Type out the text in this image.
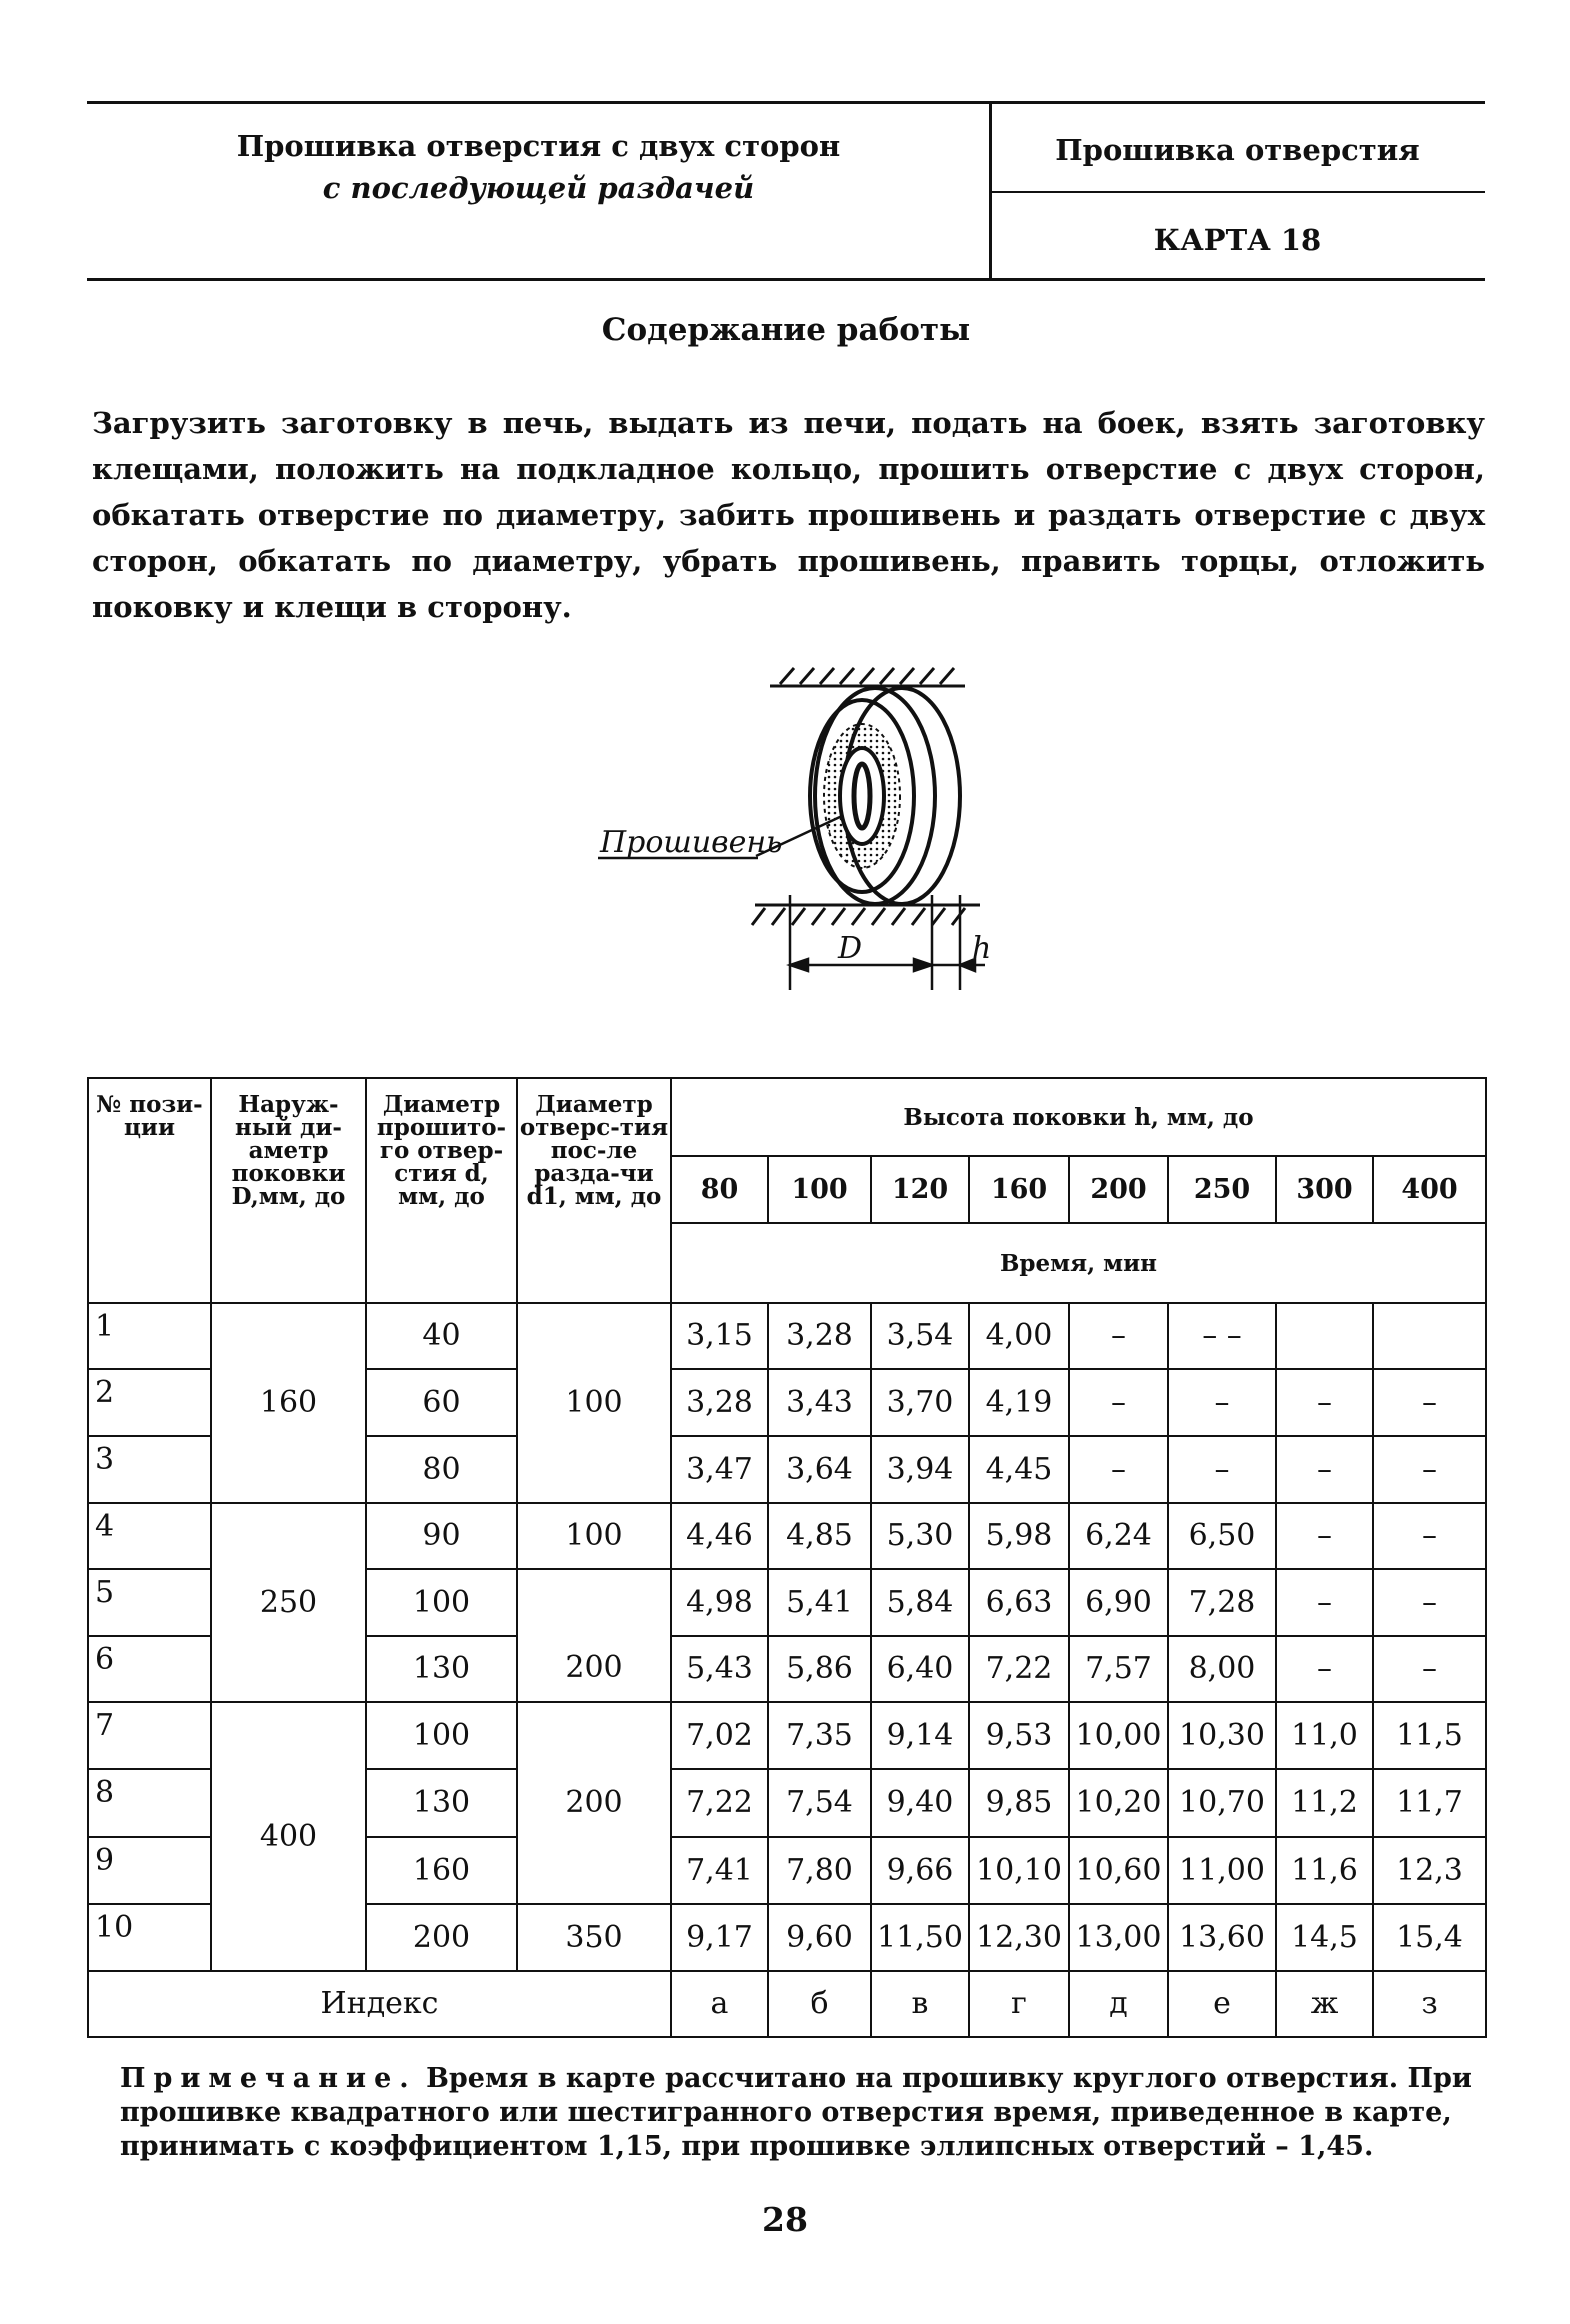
Прошивка отверстия с двух сторон
с последующей раздачей
Прошивка отверстия
КАРТА 18
Содержание работы
Загрузить заготовку в печь, выдать из печи, подать на боек, взять заготовку клещами, положить на подкладное кольцо, прошить отверстие с двух сторон, обкатать отверстие по диаметру, забить прошивень и раздать отверстие с двух сторон, обкатать по диаметру, убрать прошивень, править торцы, отложить поковку и клещи в сторону.
Прошивень
D	h
№ пози-ции	Наруж-ный ди-аметр поковки D,мм, до	Диаметр прошито-го отвер-стия d, мм, до	Диаметр отверс-тия пос-ле разда-чи d1, мм, до	Высота поковки h, мм, до							
				80	100	120	160	200	250	300	400
				Время, мин							
1	160	40	100	3,15	3,28	3,54	4,00	–	– –		
2		60		3,28	3,43	3,70	4,19	–	–	–	–
3		80		3,47	3,64	3,94	4,45	–	–	–	–
4	250	90	100	4,46	4,85	5,30	5,98	6,24	6,50	–	–
5		100	200	4,98	5,41	5,84	6,63	6,90	7,28	–	–
6		130		5,43	5,86	6,40	7,22	7,57	8,00	–	–
7	400	100	200	7,02	7,35	9,14	9,53	10,00	10,30	11,0	11,5
8		130		7,22	7,54	9,40	9,85	10,20	10,70	11,2	11,7
9		160		7,41	7,80	9,66	10,10	10,60	11,00	11,6	12,3
10		200	350	9,17	9,60	11,50	12,30	13,00	13,60	14,5	15,4
Индекс				а	б	в	г	д	е	ж	з
Примечание. Время в карте рассчитано на прошивку круглого отверстия. При прошивке квадратного или шестигранного отверстия время, приведенное в карте, принимать с коэффициентом 1,15, при прошивке эллипсных отверстий – 1,45.
28
